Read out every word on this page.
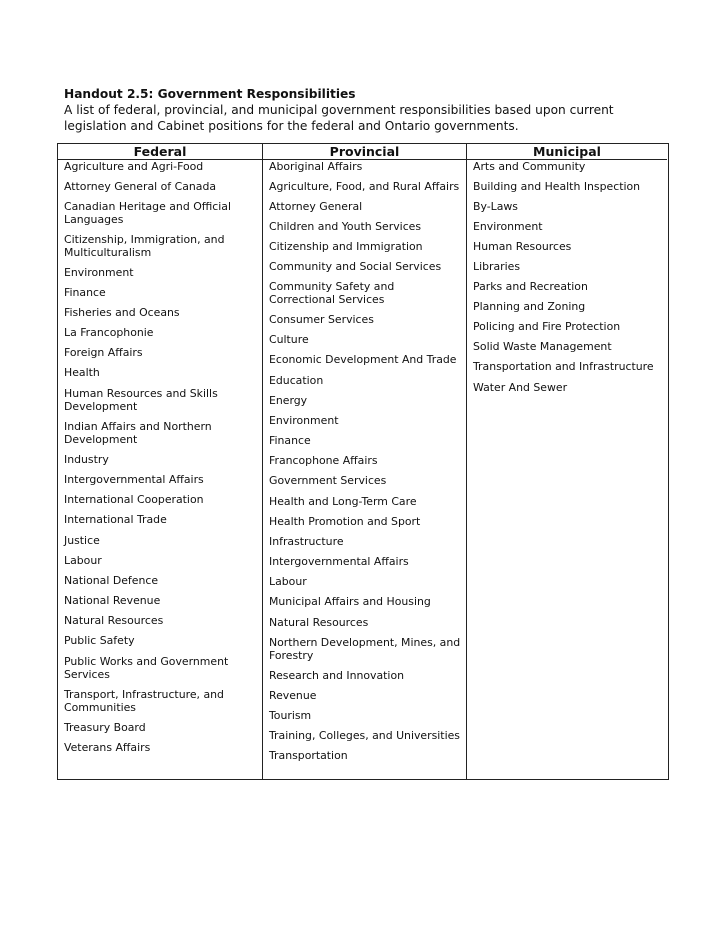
Handout 2.5: Government Responsibilities
A list of federal, provincial, and municipal government responsibilities based upon current legislation and Cabinet positions for the federal and Ontario governments.
Federal
Agriculture and Agri-Food
Attorney General of Canada
Canadian Heritage and Official Languages
Citizenship, Immigration, and Multiculturalism
Environment
Finance
Fisheries and Oceans
La Francophonie
Foreign Affairs
Health
Human Resources and Skills Development
Indian Affairs and Northern Development
Industry
Intergovernmental Affairs
International Cooperation
International Trade
Justice
Labour
National Defence
National Revenue
Natural Resources
Public Safety
Public Works and Government Services
Transport, Infrastructure, and Communities
Treasury Board
Veterans Affairs
Provincial
Aboriginal Affairs
Agriculture, Food, and Rural Affairs
Attorney General
Children and Youth Services
Citizenship and Immigration
Community and Social Services
Community Safety and Correctional Services
Consumer Services
Culture
Economic Development And Trade
Education
Energy
Environment
Finance
Francophone Affairs
Government Services
Health and Long-Term Care
Health Promotion and Sport
Infrastructure
Intergovernmental Affairs
Labour
Municipal Affairs and Housing
Natural Resources
Northern Development, Mines, and Forestry
Research and Innovation
Revenue
Tourism
Training, Colleges, and Universities
Transportation
Municipal
Arts and Community
Building and Health Inspection
By-Laws
Environment
Human Resources
Libraries
Parks and Recreation
Planning and Zoning
Policing and Fire Protection
Solid Waste Management
Transportation and Infrastructure
Water And Sewer
